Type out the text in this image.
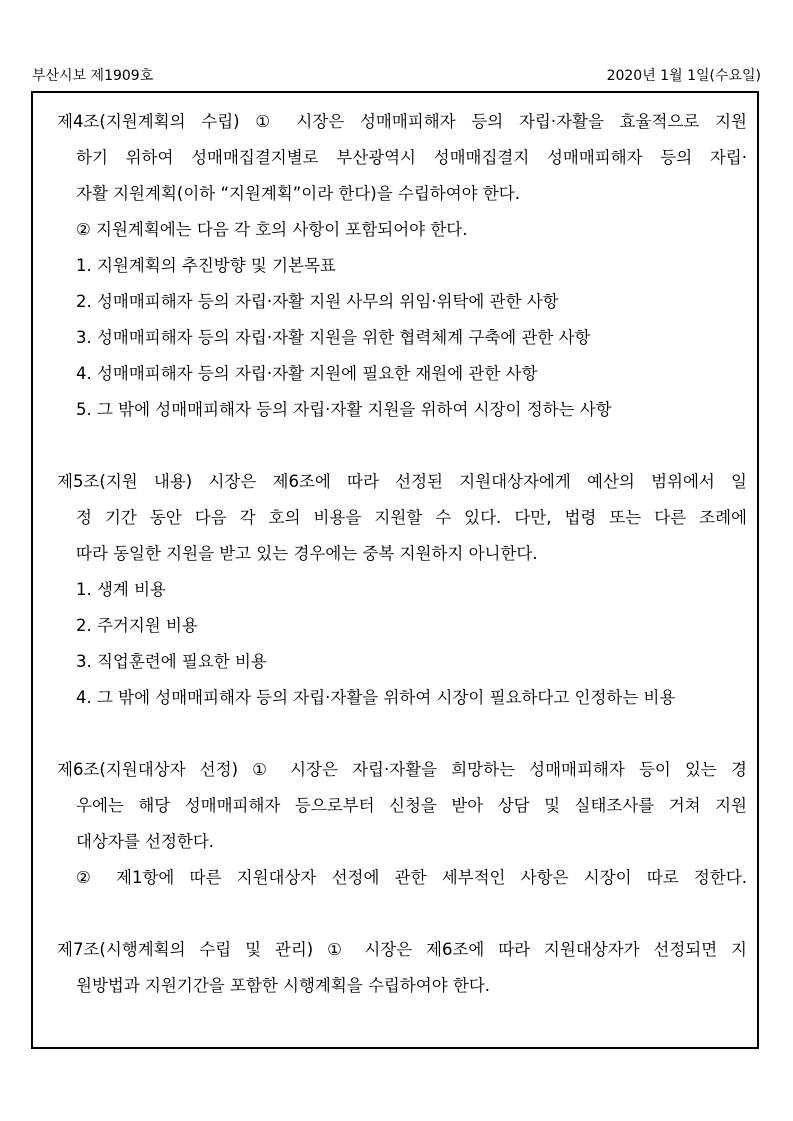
부산시보 제1909호	2020년 1월 1일(수요일)
제4조(지원계획의 수립) ① 시장은 성매매피해자 등의 자립·자활을 효율적으로 지원
하기 위하여 성매매집결지별로 부산광역시 성매매집결지 성매매피해자 등의 자립·
자활 지원계획(이하 “지원계획”이라 한다)을 수립하여야 한다.
② 지원계획에는 다음 각 호의 사항이 포함되어야 한다.
1. 지원계획의 추진방향 및 기본목표
2. 성매매피해자 등의 자립·자활 지원 사무의 위임·위탁에 관한 사항
3. 성매매피해자 등의 자립·자활 지원을 위한 협력체계 구축에 관한 사항
4. 성매매피해자 등의 자립·자활 지원에 필요한 재원에 관한 사항
5. 그 밖에 성매매피해자 등의 자립·자활 지원을 위하여 시장이 정하는 사항
제5조(지원 내용) 시장은 제6조에 따라 선정된 지원대상자에게 예산의 범위에서 일
정 기간 동안 다음 각 호의 비용을 지원할 수 있다. 다만, 법령 또는 다른 조례에
따라 동일한 지원을 받고 있는 경우에는 중복 지원하지 아니한다.
1. 생계 비용
2. 주거지원 비용
3. 직업훈련에 필요한 비용
4. 그 밖에 성매매피해자 등의 자립·자활을 위하여 시장이 필요하다고 인정하는 비용
제6조(지원대상자 선정) ① 시장은 자립·자활을 희망하는 성매매피해자 등이 있는 경
우에는 해당 성매매피해자 등으로부터 신청을 받아 상담 및 실태조사를 거쳐 지원
대상자를 선정한다.
② 제1항에 따른 지원대상자 선정에 관한 세부적인 사항은 시장이 따로 정한다.
제7조(시행계획의 수립 및 관리) ① 시장은 제6조에 따라 지원대상자가 선정되면 지
원방법과 지원기간을 포함한 시행계획을 수립하여야 한다.
